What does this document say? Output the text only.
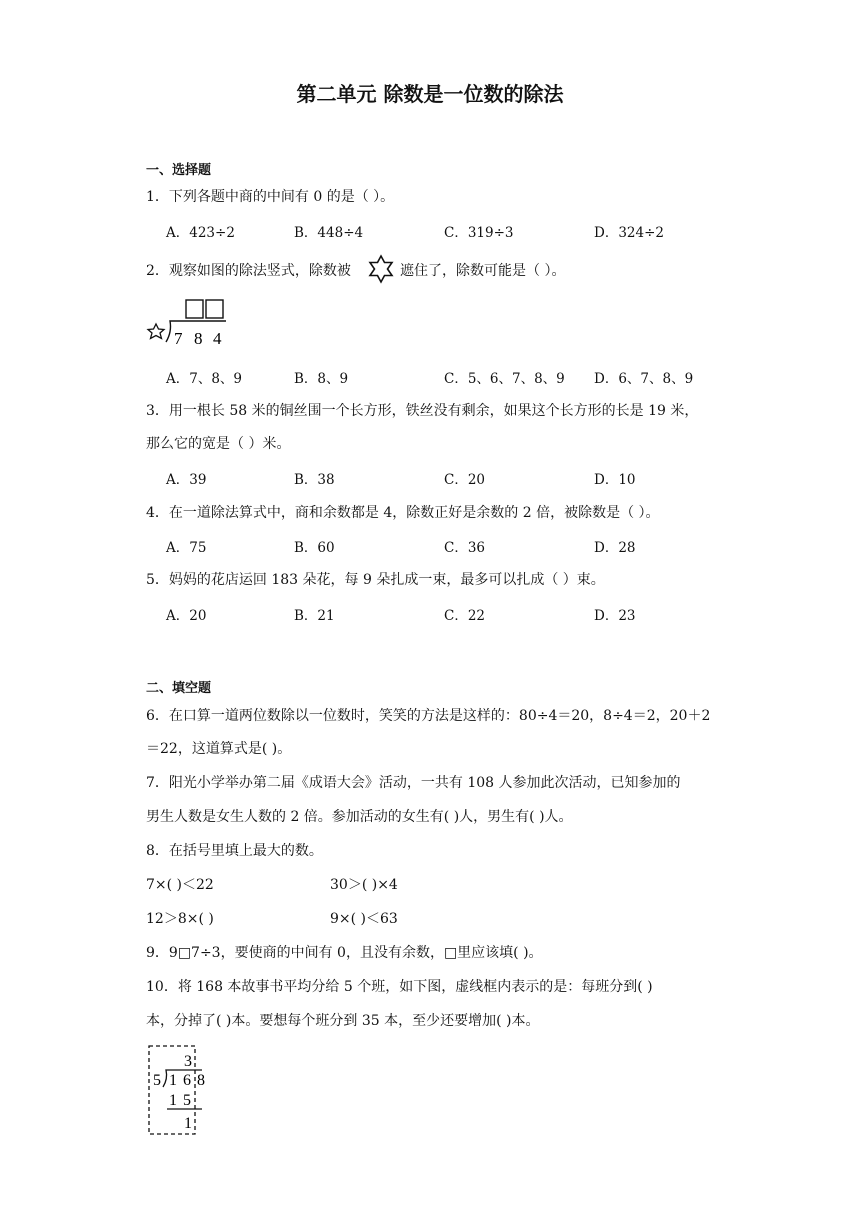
第二单元 除数是一位数的除法
一、选择题
1．下列各题中商的中间有 0 的是（ ）。
A．423÷2	B．448÷4	C．319÷3	D．324÷2
2．观察如图的除法竖式，除数被	遮住了，除数可能是（ ）。
7 8 4
A．7、8、9	B．8、9	C．5、6、7、8、9 D．6、7、8、9
3．用一根长 58 米的铜丝围一个长方形，铁丝没有剩余，如果这个长方形的长是 19 米，
那么它的宽是（ ）米。
A．39	B．38	C．20	D．10
4．在一道除法算式中，商和余数都是 4，除数正好是余数的 2 倍，被除数是（ ）。
A．75	B．60	C．36	D．28
5．妈妈的花店运回 183 朵花，每 9 朵扎成一束，最多可以扎成（ ）束。
A．20	B．21	C．22	D．23
二、填空题
6．在口算一道两位数除以一位数时，笑笑的方法是这样的：80÷4＝20，8÷4＝2，20＋2
＝22，这道算式是( )。
7．阳光小学举办第二届《成语大会》活动，一共有 108 人参加此次活动，已知参加的
男生人数是女生人数的 2 倍。参加活动的女生有( )人，男生有( )人。
8．在括号里填上最大的数。
7×( )＜22	30＞( )×4
12＞8×( )	9×( )＜63
9．9□7÷3，要使商的中间有 0，且没有余数，□里应该填( )。
10．将 168 本故事书平均分给 5 个班，如下图，虚线框内表示的是：每班分到( )
本，分掉了( )本。要想每个班分到 35 本，至少还要增加( )本。
3
5 1 6 8
1 5
1
